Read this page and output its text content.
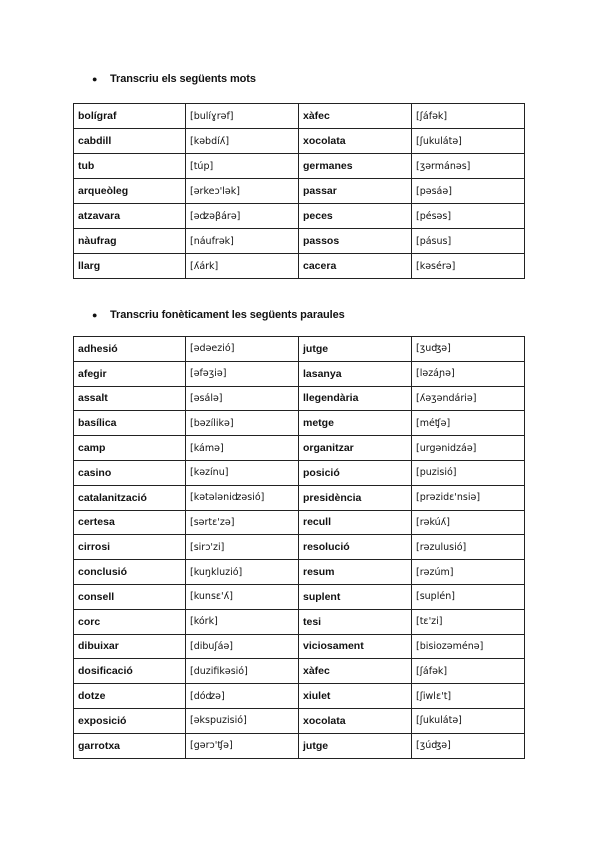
● Transcriu els següents mots
bolígraf	[bulíɣrəf]	xàfec	[ʃáfək]
cabdill	[kəbdíʎ]	xocolata	[ʃukulátə]
tub	[túp]	germanes	[ʒərmánəs]
arqueòleg	[ərkeɔ'lək]	passar	[pəsáə]
atzavara	[əʣəβárə]	peces	[pésəs]
nàufrag	[náufrək]	passos	[pásus]
llarg	[ʎárk]	cacera	[kəsérə]
● Transcriu fonèticament les següents paraules
adhesió	[ədəezió]	jutge	[ʒuʤə]
afegir	[əfəʒiə]	lasanya	[ləzáɲə]
assalt	[əsálə]	llegendària	[ʎəʒəndáriə]
basílica	[bəzílikə]	metge	[méʧə]
camp	[kámə]	organitzar	[urgənidzáə]
casino	[kəzínu]	posició	[puzisió]
catalanització	[kətələniʣəsió]	presidència	[prəzidɛ'nsiə]
certesa	[sərtɛ'zə]	recull	[rəkúʎ]
cirrosi	[sirɔ'zi]	resolució	[rəzulusió]
conclusió	[kuŋkluzió]	resum	[rəzúm]
consell	[kunsɛ'ʎ]	suplent	[suplén]
corc	[kórk]	tesi	[tɛ'zi]
dibuixar	[dibuʃáə]	viciosament	[bisiozəménə]
dosificació	[duzifikəsió]	xàfec	[ʃáfək]
dotze	[dóʣə]	xiulet	[ʃiwlɛ't]
exposició	[əkspuzisió]	xocolata	[ʃukulátə]
garrotxa	[gərɔ'ʧə]	jutge	[ʒúʤə]
